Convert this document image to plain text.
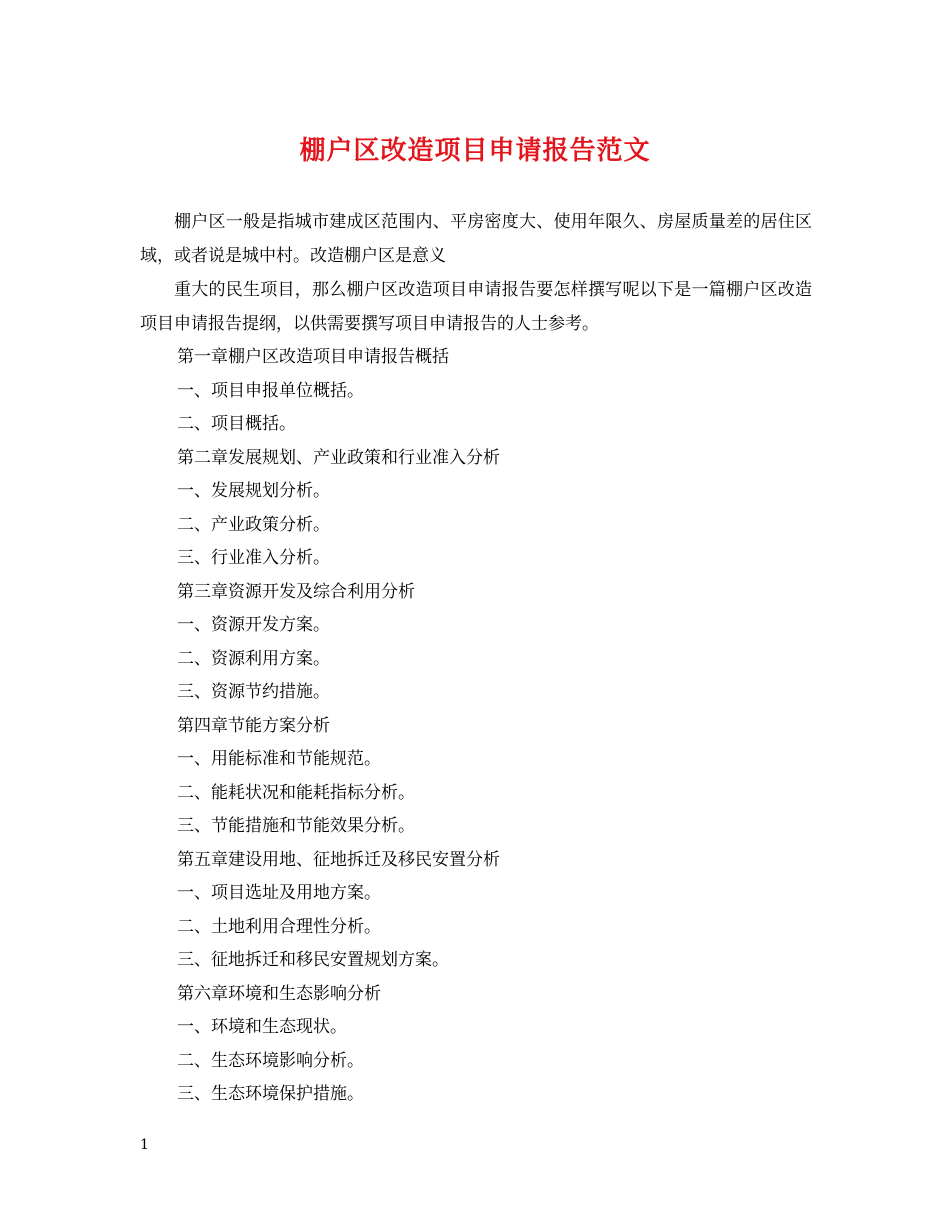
棚户区改造项目申请报告范文

棚户区一般是指城市建成区范围内、平房密度大、使用年限久、房屋质量差的居住区域，或者说是城中村。改造棚户区是意义

重大的民生项目，那么棚户区改造项目申请报告要怎样撰写呢以下是一篇棚户区改造项目申请报告提纲，以供需要撰写项目申请报告的人士参考。

第一章棚户区改造项目申请报告概括
一、项目申报单位概括。
二、项目概括。
第二章发展规划、产业政策和行业准入分析
一、发展规划分析。
二、产业政策分析。
三、行业准入分析。
第三章资源开发及综合利用分析
一、资源开发方案。
二、资源利用方案。
三、资源节约措施。
第四章节能方案分析
一、用能标准和节能规范。
二、能耗状况和能耗指标分析。
三、节能措施和节能效果分析。
第五章建设用地、征地拆迁及移民安置分析
一、项目选址及用地方案。
二、土地利用合理性分析。
三、征地拆迁和移民安置规划方案。
第六章环境和生态影响分析
一、环境和生态现状。
二、生态环境影响分析。
三、生态环境保护措施。
1
